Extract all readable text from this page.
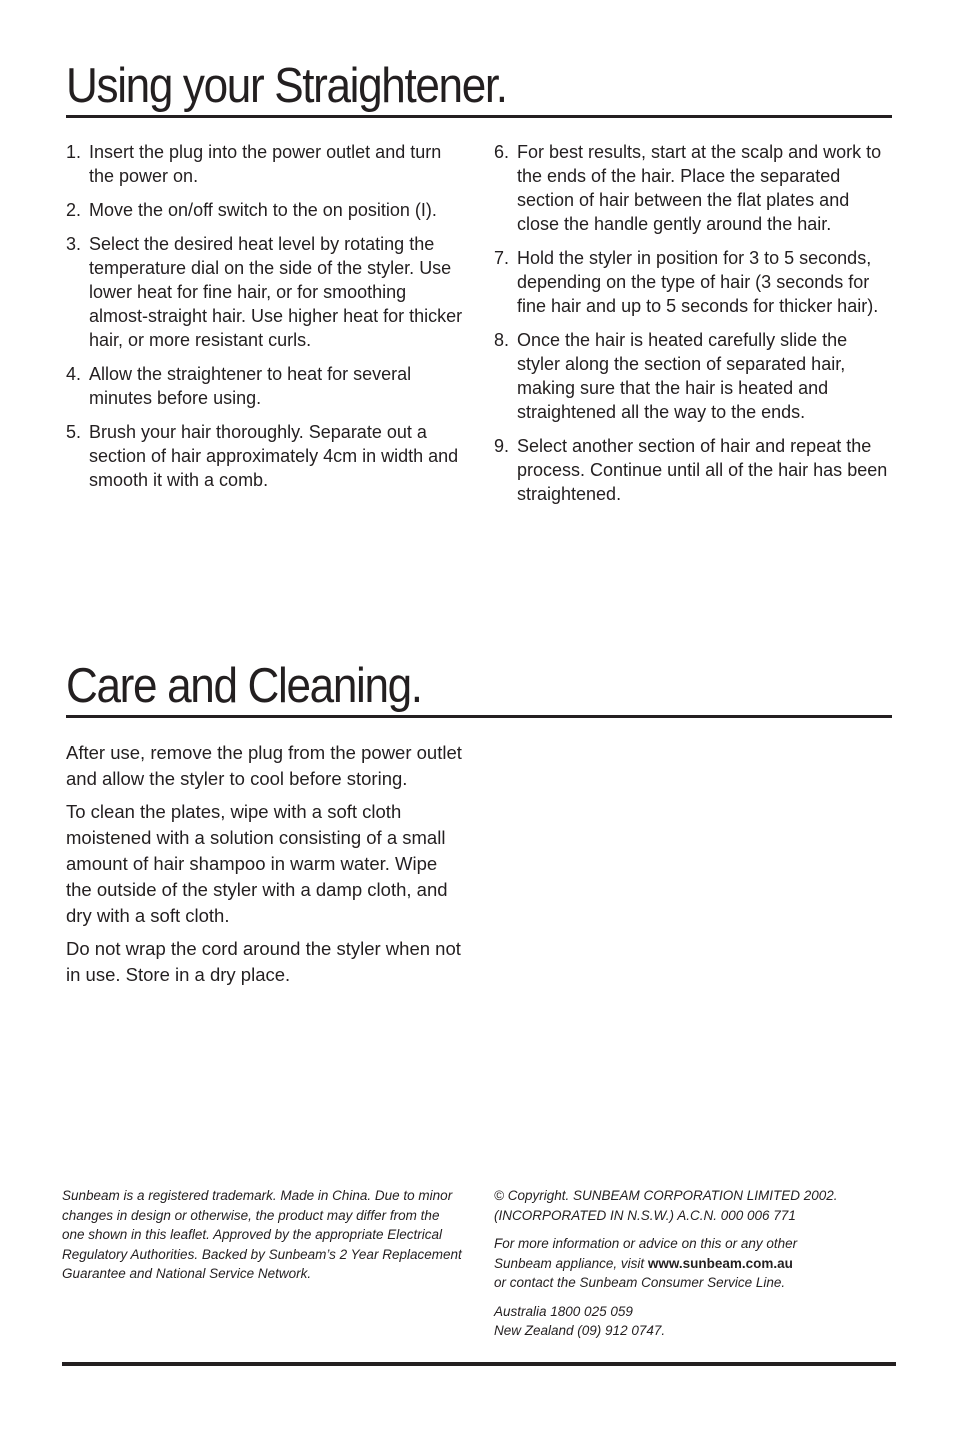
Using your Straightener.
1. Insert the plug into the power outlet and turn the power on.
2. Move the on/off switch to the on position (I).
3. Select the desired heat level by rotating the temperature dial on the side of the styler. Use lower heat for fine hair, or for smoothing almost-straight hair. Use higher heat for thicker hair, or more resistant curls.
4. Allow the straightener to heat for several minutes before using.
5. Brush your hair thoroughly. Separate out a section of hair approximately 4cm in width and smooth it with a comb.
6. For best results, start at the scalp and work to the ends of the hair. Place the separated section of hair between the flat plates and close the handle gently around the hair.
7. Hold the styler in position for 3 to 5 seconds, depending on the type of hair (3 seconds for fine hair and up to 5 seconds for thicker hair).
8. Once the hair is heated carefully slide the styler along the section of separated hair, making sure that the hair is heated and straightened all the way to the ends.
9. Select another section of hair and repeat the process. Continue until all of the hair has been straightened.
Care and Cleaning.

After use, remove the plug from the power outlet and allow the styler to cool before storing.

To clean the plates, wipe with a soft cloth moistened with a solution consisting of a small amount of hair shampoo in warm water. Wipe the outside of the styler with a damp cloth, and dry with a soft cloth.

Do not wrap the cord around the styler when not in use. Store in a dry place.

Sunbeam is a registered trademark. Made in China. Due to minor changes in design or otherwise, the product may differ from the one shown in this leaflet. Approved by the appropriate Electrical Regulatory Authorities. Backed by Sunbeam’s 2 Year Replacement Guarantee and National Service Network.

© Copyright. SUNBEAM CORPORATION LIMITED 2002.
(INCORPORATED IN N.S.W.) A.C.N. 000 006 771

For more information or advice on this or any other
Sunbeam appliance, visit www.sunbeam.com.au
or contact the Sunbeam Consumer Service Line.

Australia 1800 025 059
New Zealand (09) 912 0747.
